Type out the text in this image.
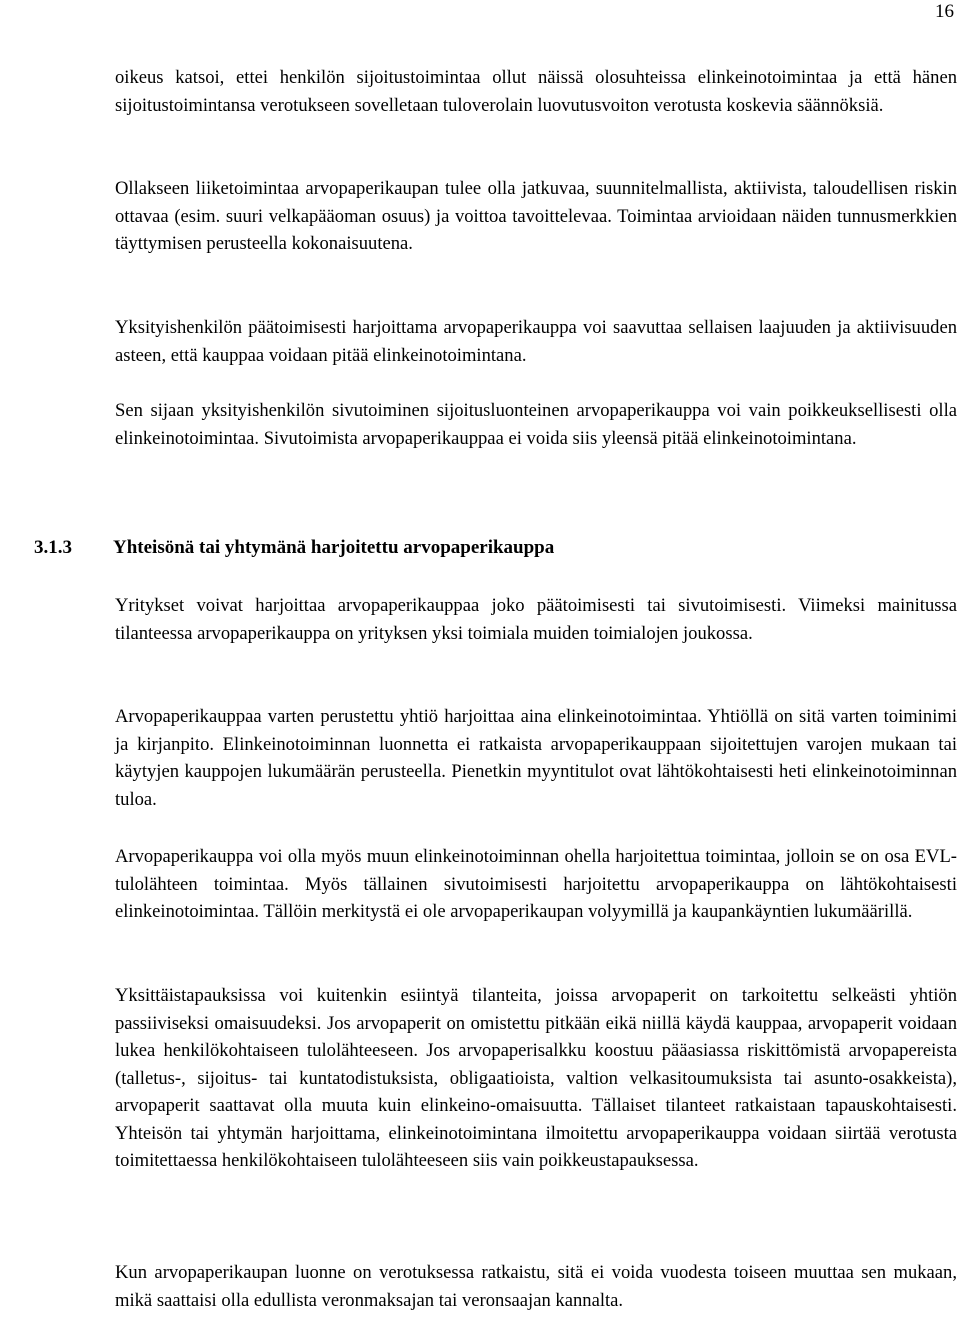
16

oikeus katsoi, ettei henkilön sijoitustoimintaa ollut näissä olosuhteissa elinkeinotoimintaa ja että hänen sijoitustoimintansa verotukseen sovelletaan tuloverolain luovutusvoiton verotusta koskevia säännöksiä.

Ollakseen liiketoimintaa arvopaperikaupan tulee olla jatkuvaa, suunnitelmallista, aktiivista, taloudellisen riskin ottavaa (esim. suuri velkapääoman osuus) ja voittoa tavoittelevaa. Toimintaa arvioidaan näiden tunnusmerkkien täyttymisen perusteella kokonaisuutena.

Yksityishenkilön päätoimisesti harjoittama arvopaperikauppa voi saavuttaa sellaisen laajuuden ja aktiivisuuden asteen, että kauppaa voidaan pitää elinkeinotoimintana.

Sen sijaan yksityishenkilön sivutoiminen sijoitusluonteinen arvopaperikauppa voi vain poikkeuksellisesti olla elinkeinotoimintaa. Sivutoimista arvopaperikauppaa ei voida siis yleensä pitää elinkeinotoimintana.

3.1.3 Yhteisönä tai yhtymänä harjoitettu arvopaperikauppa

Yritykset voivat harjoittaa arvopaperikauppaa joko päätoimisesti tai sivutoimisesti. Viimeksi mainitussa tilanteessa arvopaperikauppa on yrityksen yksi toimiala muiden toimialojen joukossa.

Arvopaperikauppaa varten perustettu yhtiö harjoittaa aina elinkeinotoimintaa. Yhtiöllä on sitä varten toiminimi ja kirjanpito. Elinkeinotoiminnan luonnetta ei ratkaista arvopaperikauppaan sijoitettujen varojen mukaan tai käytyjen kauppojen lukumäärän perusteella. Pienetkin myyntitulot ovat lähtökohtaisesti heti elinkeinotoiminnan tuloa.

Arvopaperikauppa voi olla myös muun elinkeinotoiminnan ohella harjoitettua toimintaa, jolloin se on osa EVL-tulolähteen toimintaa. Myös tällainen sivutoimisesti harjoitettu arvopaperikauppa on lähtökohtaisesti elinkeinotoimintaa. Tällöin merkitystä ei ole arvopaperikaupan volyymillä ja kaupankäyntien lukumäärillä.

Yksittäistapauksissa voi kuitenkin esiintyä tilanteita, joissa arvopaperit on tarkoitettu selkeästi yhtiön passiiviseksi omaisuudeksi. Jos arvopaperit on omistettu pitkään eikä niillä käydä kauppaa, arvopaperit voidaan lukea henkilökohtaiseen tulolähteeseen. Jos arvopaperisalkku koostuu pääasiassa riskittömistä arvopapereista (talletus-, sijoitus- tai kuntatodistuksista, obligaatioista, valtion velkasitoumuksista tai asunto-osakkeista), arvopaperit saattavat olla muuta kuin elinkeino-omaisuutta. Tällaiset tilanteet ratkaistaan tapauskohtaisesti. Yhteisön tai yhtymän harjoittama, elinkeinotoimintana ilmoitettu arvopaperikauppa voidaan siirtää verotusta toimitettaessa henkilökohtaiseen tulolähteeseen siis vain poikkeustapauksessa.

Kun arvopaperikaupan luonne on verotuksessa ratkaistu, sitä ei voida vuodesta toiseen muuttaa sen mukaan, mikä saattaisi olla edullista veronmaksajan tai veronsaajan kannalta.
